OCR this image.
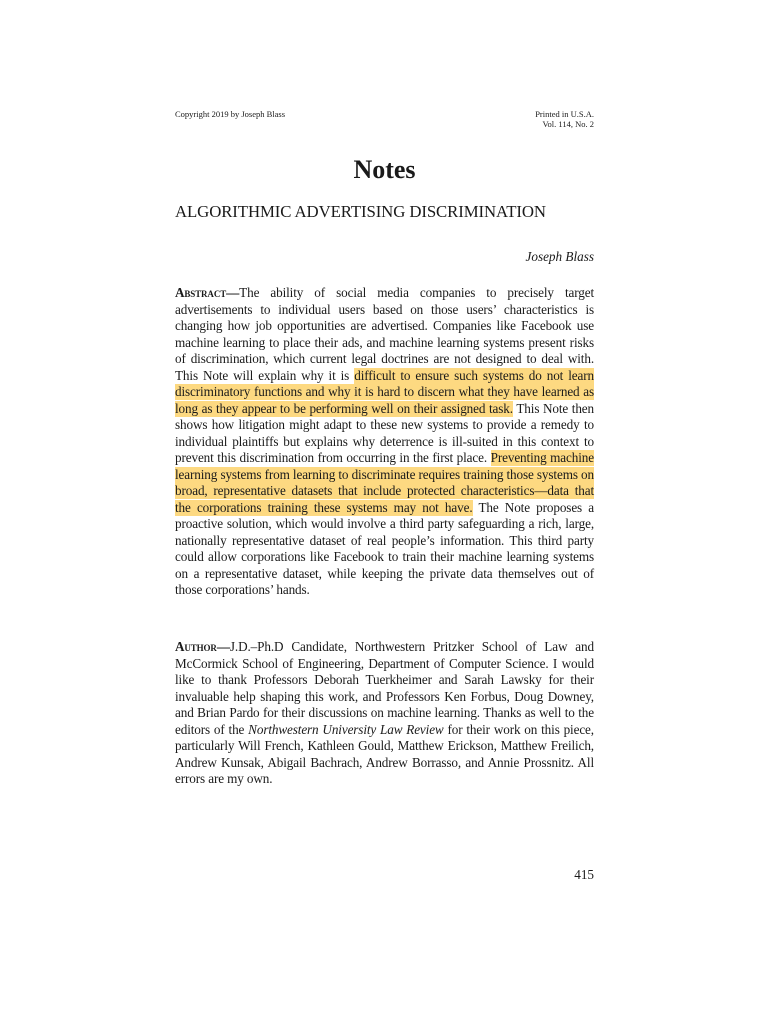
Copyright 2019 by Joseph Blass	Printed in U.S.A.
Vol. 114, No. 2
Notes
ALGORITHMIC ADVERTISING DISCRIMINATION
Joseph Blass
Abstract—The ability of social media companies to precisely target advertisements to individual users based on those users’ characteristics is changing how job opportunities are advertised. Companies like Facebook use machine learning to place their ads, and machine learning systems present risks of discrimination, which current legal doctrines are not designed to deal with. This Note will explain why it is difficult to ensure such systems do not learn discriminatory functions and why it is hard to discern what they have learned as long as they appear to be performing well on their assigned task. This Note then shows how litigation might adapt to these new systems to provide a remedy to individual plaintiffs but explains why deterrence is ill-suited in this context to prevent this discrimination from occurring in the first place. Preventing machine learning systems from learning to discriminate requires training those systems on broad, representative datasets that include protected characteristics—data that the corporations training these systems may not have. The Note proposes a proactive solution, which would involve a third party safeguarding a rich, large, nationally representative dataset of real people’s information. This third party could allow corporations like Facebook to train their machine learning systems on a representative dataset, while keeping the private data themselves out of those corporations’ hands.
Author—J.D.–Ph.D Candidate, Northwestern Pritzker School of Law and McCormick School of Engineering, Department of Computer Science. I would like to thank Professors Deborah Tuerkheimer and Sarah Lawsky for their invaluable help shaping this work, and Professors Ken Forbus, Doug Downey, and Brian Pardo for their discussions on machine learning. Thanks as well to the editors of the Northwestern University Law Review for their work on this piece, particularly Will French, Kathleen Gould, Matthew Erickson, Matthew Freilich, Andrew Kunsak, Abigail Bachrach, Andrew Borrasso, and Annie Prossnitz. All errors are my own.
415
